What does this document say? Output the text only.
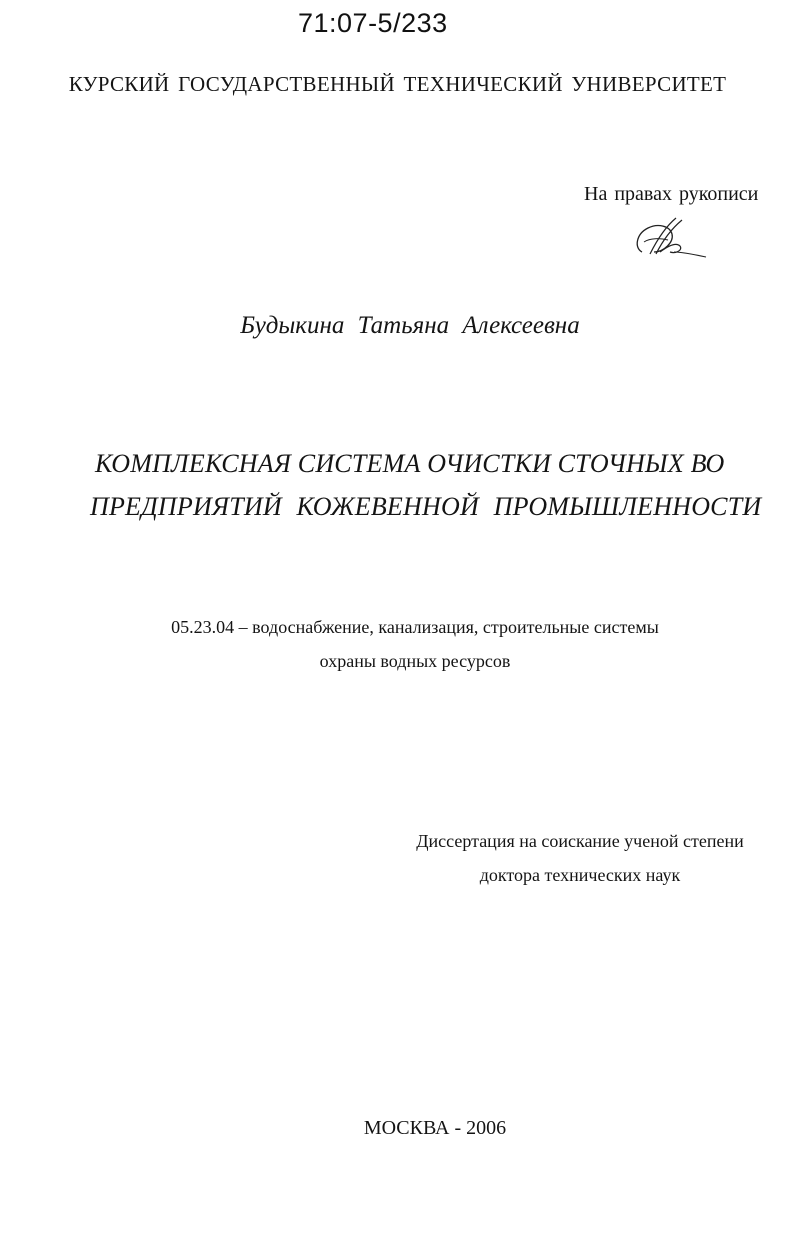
71:07-5/233
КУРСКИЙ ГОСУДАРСТВЕННЫЙ ТЕХНИЧЕСКИЙ УНИВЕРСИТЕТ
На правах рукописи
Будыкина Татьяна Алексеевна
КОМПЛЕКСНАЯ СИСТЕМА ОЧИСТКИ СТОЧНЫХ ВО
ПРЕДПРИЯТИЙ КОЖЕВЕННОЙ ПРОМЫШЛЕННОСТИ
05.23.04 – водоснабжение, канализация, строительные системы
охраны водных ресурсов
Диссертация на соискание ученой степени
доктора технических наук
МОСКВА - 2006
